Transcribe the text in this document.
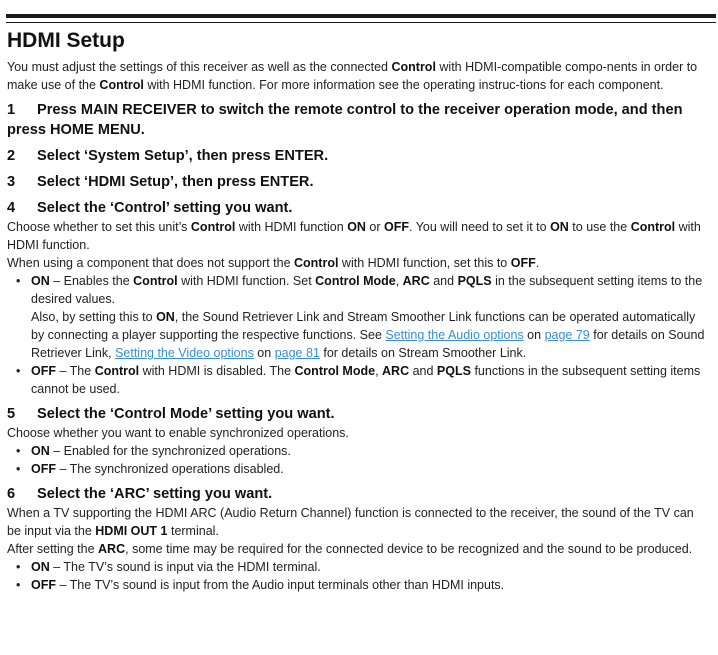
HDMI Setup

You must adjust the settings of this receiver as well as the connected Control with HDMI-compatible compo-nents in order to make use of the Control with HDMI function. For more information see the operating instruc-tions for each component.

1 Press MAIN RECEIVER to switch the remote control to the receiver operation mode, and then press HOME MENU.
2 Select ‘System Setup’, then press ENTER.
3 Select ‘HDMI Setup’, then press ENTER.
4 Select the ‘Control’ setting you want.

Choose whether to set this unit’s Control with HDMI function ON or OFF. You will need to set it to ON to use the Control with HDMI function.

When using a component that does not support the Control with HDMI function, set this to OFF.

• ON – Enables the Control with HDMI function. Set Control Mode, ARC and PQLS in the subsequent setting items to the desired values.
Also, by setting this to ON, the Sound Retriever Link and Stream Smoother Link functions can be operated automatically by connecting a player supporting the respective functions. See Setting the Audio options on page 79 for details on Sound Retriever Link, Setting the Video options on page 81 for details on Stream Smoother Link.
• OFF – The Control with HDMI is disabled. The Control Mode, ARC and PQLS functions in the subsequent setting items cannot be used.
5 Select the ‘Control Mode’ setting you want.

Choose whether you want to enable synchronized operations.

• ON – Enabled for the synchronized operations.
• OFF – The synchronized operations disabled.
6 Select the ‘ARC’ setting you want.

When a TV supporting the HDMI ARC (Audio Return Channel) function is connected to the receiver, the sound of the TV can be input via the HDMI OUT 1 terminal.

After setting the ARC, some time may be required for the connected device to be recognized and the sound to be produced.

• ON – The TV’s sound is input via the HDMI terminal.
• OFF – The TV’s sound is input from the Audio input terminals other than HDMI inputs.
